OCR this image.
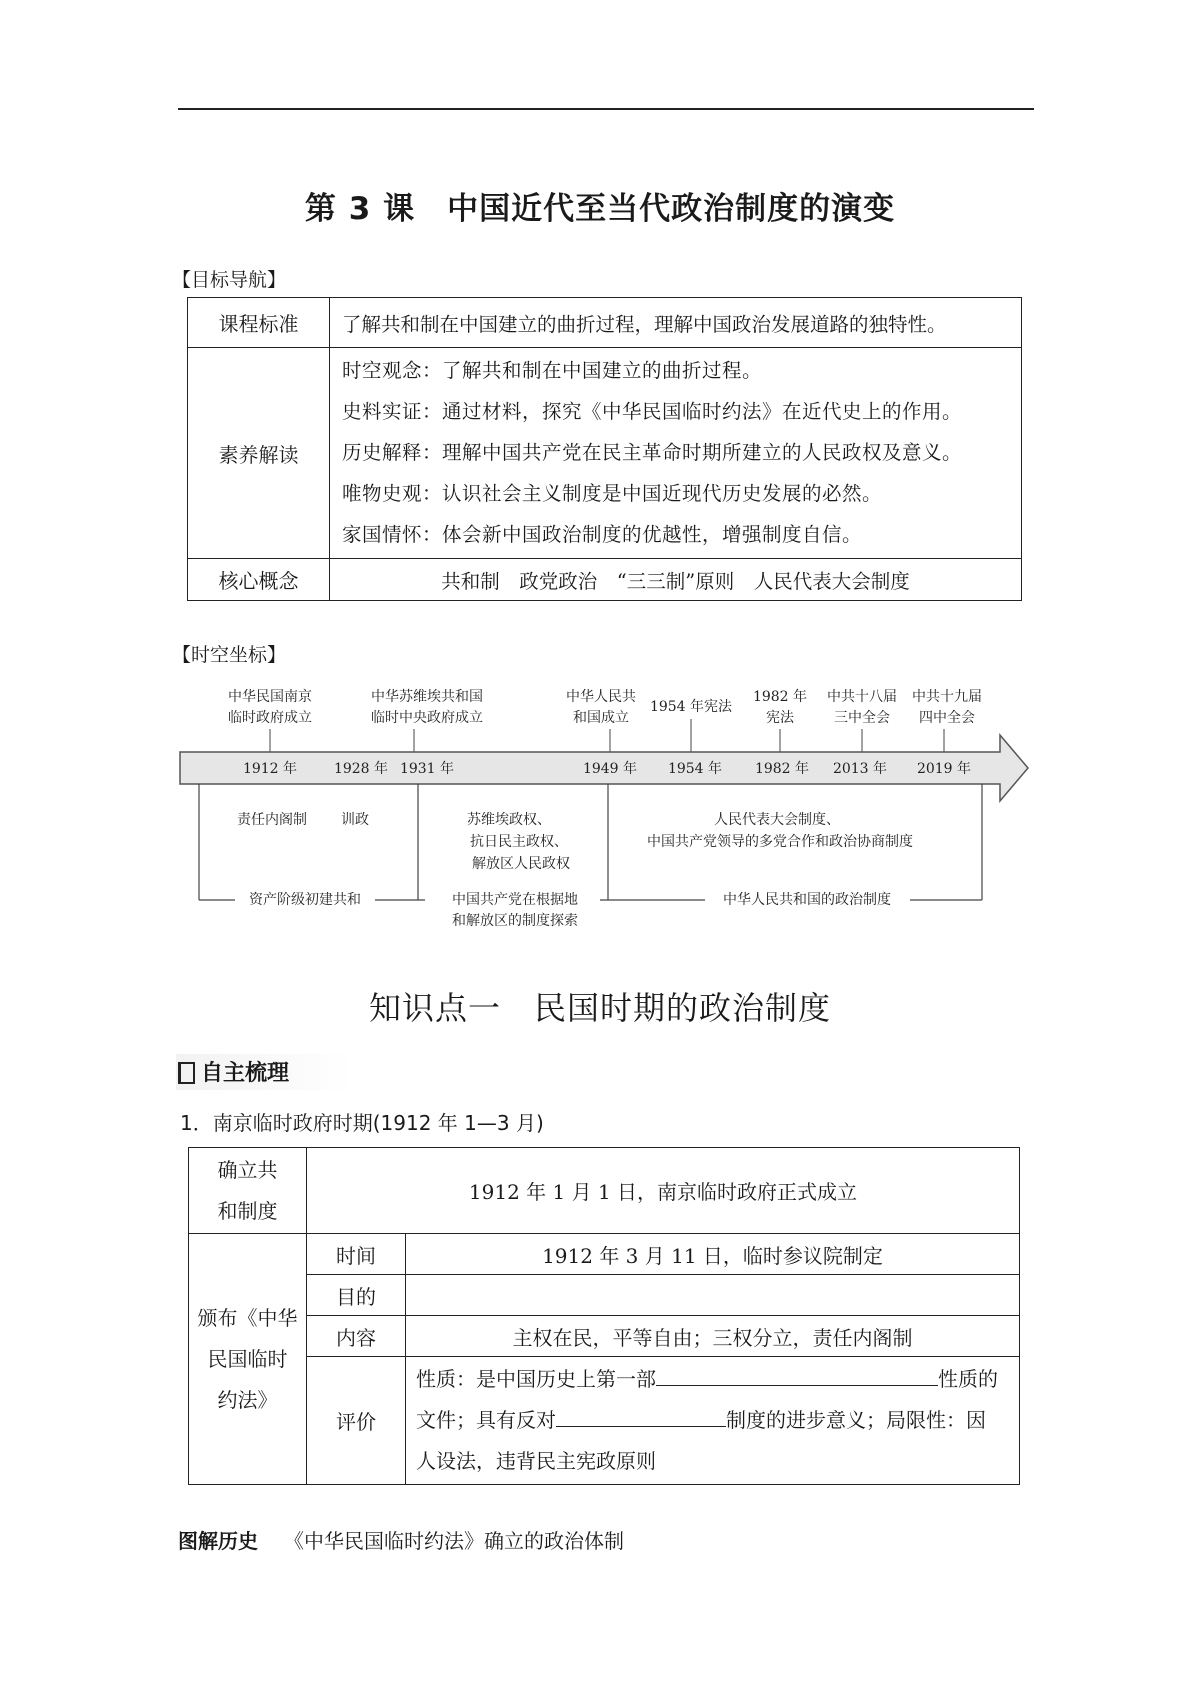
第 3 课　中国近代至当代政治制度的演变
【目标导航】
课程标准	了解共和制在中国建立的曲折过程，理解中国政治发展道路的独特性。
素养解读	时空观念：了解共和制在中国建立的曲折过程。
史料实证：通过材料，探究《中华民国临时约法》在近代史上的作用。
历史解释：理解中国共产党在民主革命时期所建立的人民政权及意义。
唯物史观：认识社会主义制度是中国近现代历史发展的必然。
家国情怀：体会新中国政治制度的优越性，增强制度自信。

核心概念	共和制　政党政治　“三三制”原则　人民代表大会制度
【时空坐标】
中华民国南京
临时政府成立
中华苏维埃共和国
临时中央政府成立
中华人民共
和国成立
1954 年宪法
1982 年
宪法
中共十八届
三中全会
中共十九届
四中全会
1912 年	1928 年 1931 年	1949 年 1954 年 1982 年 2013 年 2019 年
责任内阁制 训政	苏维埃政权、
抗日民主政权、
解放区人民政权
人民代表大会制度、
中国共产党领导的多党合作和政治协商制度
资产阶级初建共和	中国共产党在根据地
和解放区的制度探索
中华人民共和国的政治制度
知识点一　民国时期的政治制度
自主梳理
1．南京临时政府时期(1912 年 1—3 月)
确立共
和制度	1912 年 1 月 1 日，南京临时政府正式成立	

颁布《中华
民国临时
约法》	时间	1912 年 3 月 11 日，临时参议院制定
	目的	
	内容	主权在民，平等自由；三权分立，责任内阁制
	评价	性质：是中国历史上第一部 性质的
文件；具有反对 制度的进步意义；局限性：因
人设法，违背民主宪政原则
图解历史 《中华民国临时约法》确立的政治体制
